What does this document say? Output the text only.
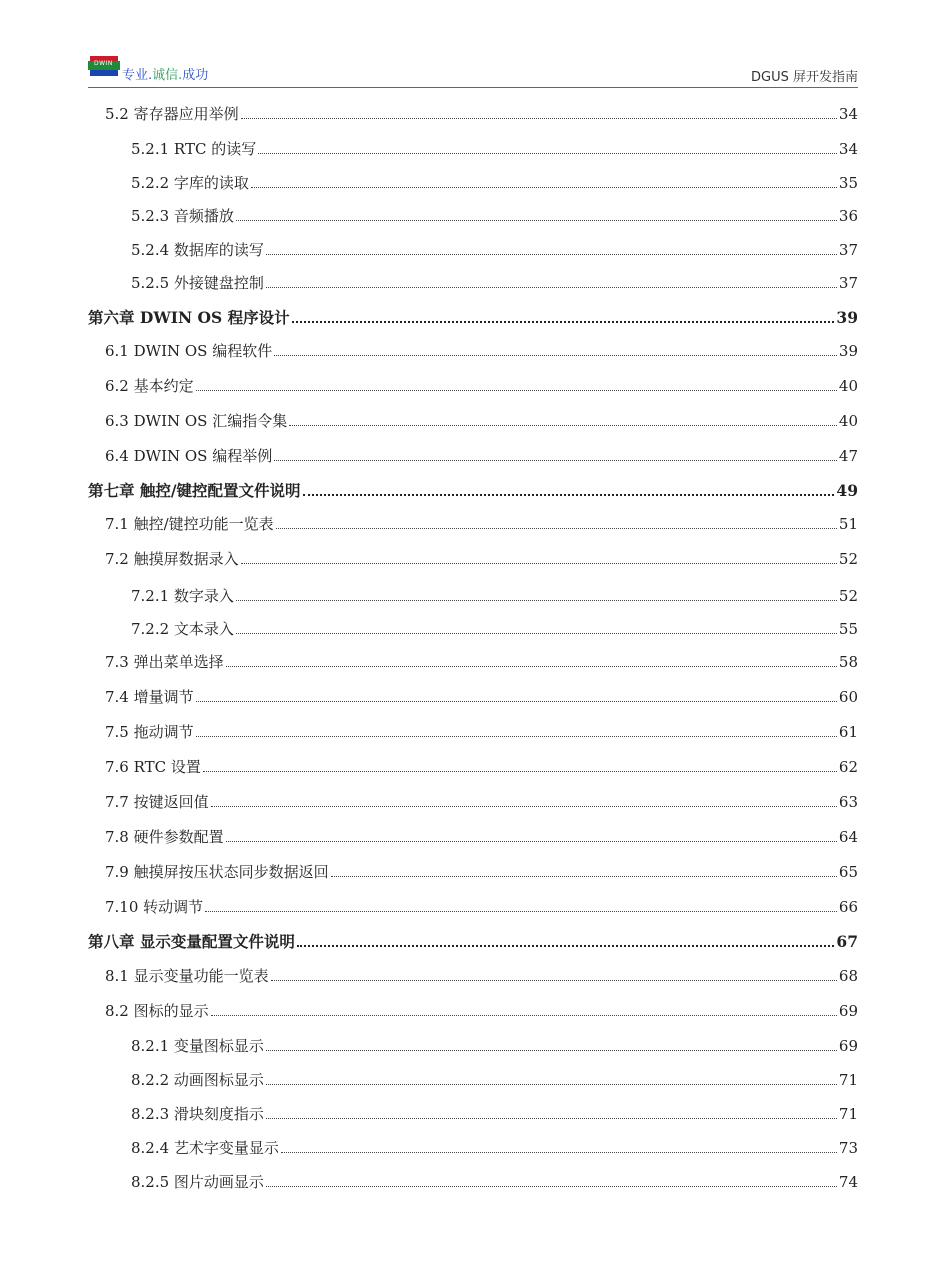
DWIN
专业.诚信.成功	DGUS 屏开发指南
5.2 寄存器应用举例	34
5.2.1 RTC 的读写	34
5.2.2 字库的读取	35
5.2.3 音频播放	36
5.2.4 数据库的读写	37
5.2.5 外接键盘控制	37
第六章 DWIN OS 程序设计	39
6.1 DWIN OS 编程软件	39
6.2 基本约定	40
6.3 DWIN OS 汇编指令集	40
6.4 DWIN OS 编程举例	47
第七章 触控/键控配置文件说明	49
7.1 触控/键控功能一览表	51
7.2 触摸屏数据录入	52
7.2.1 数字录入	52
7.2.2 文本录入	55
7.3 弹出菜单选择	58
7.4 增量调节	60
7.5 拖动调节	61
7.6 RTC 设置	62
7.7 按键返回值	63
7.8 硬件参数配置	64
7.9 触摸屏按压状态同步数据返回	65
7.10 转动调节	66
第八章 显示变量配置文件说明	67
8.1 显示变量功能一览表	68
8.2 图标的显示	69
8.2.1 变量图标显示	69
8.2.2 动画图标显示	71
8.2.3 滑块刻度指示	71
8.2.4 艺术字变量显示	73
8.2.5 图片动画显示	74
